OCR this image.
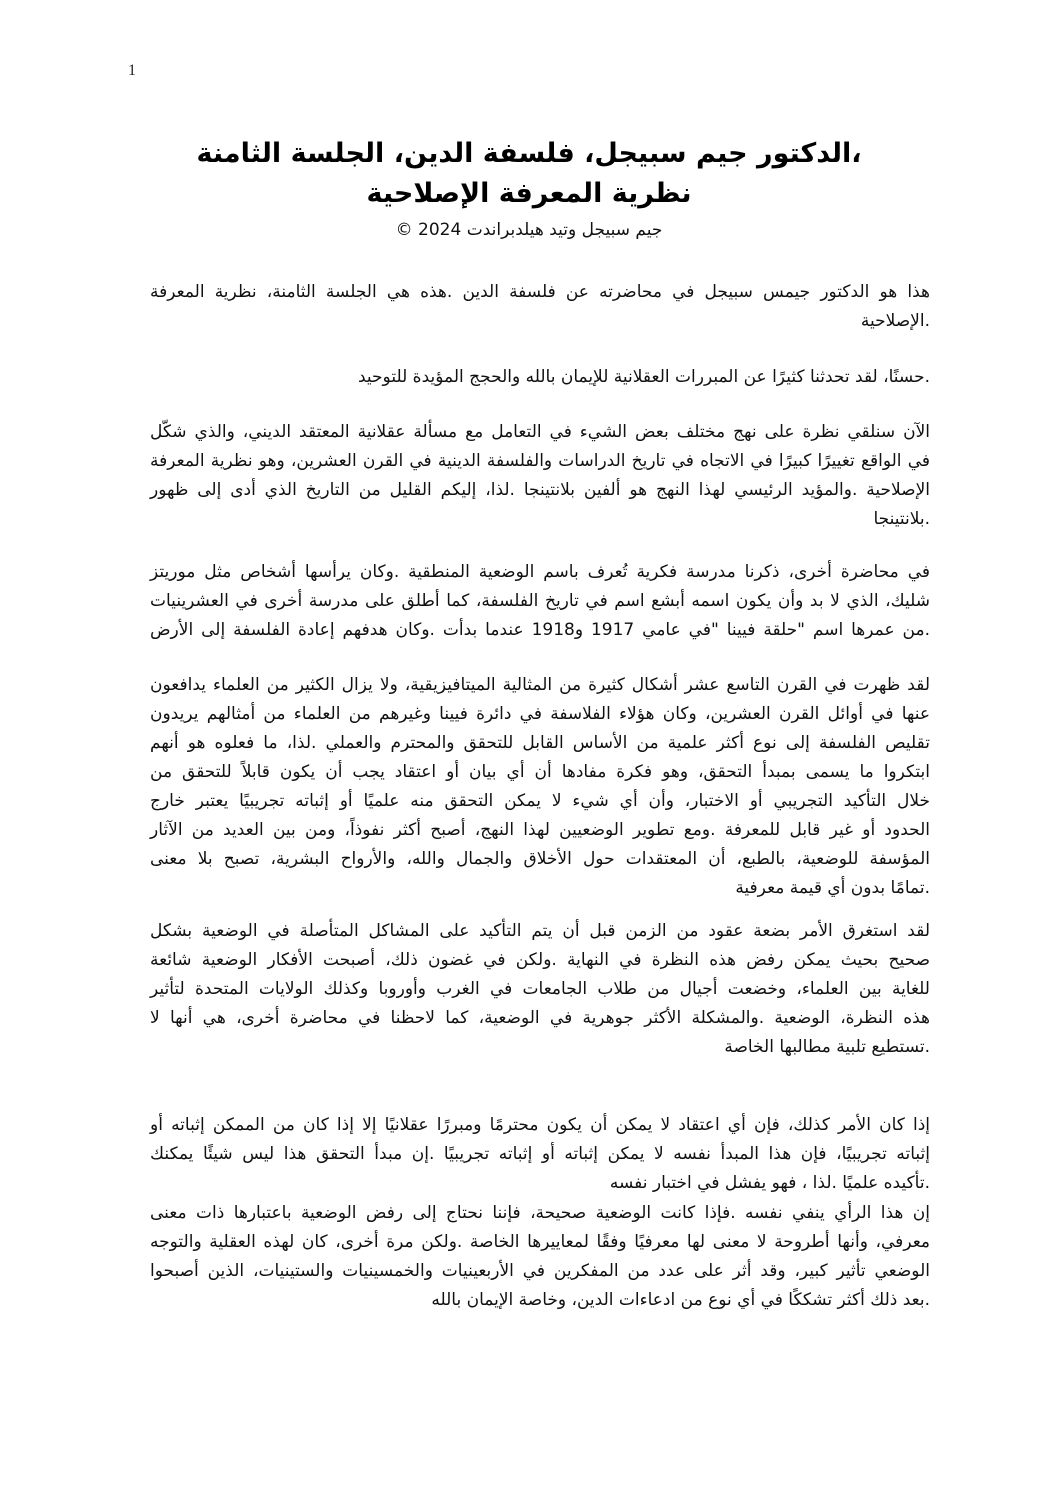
1
،الدكتور جيم سبيجل، فلسفة الدين، الجلسة الثامنة
نظرية المعرفة الإصلاحية
جيم سبيجل وتيد هيلدبراندت 2024 ©
هذا هو الدكتور جيمس سبيجل في محاضرته عن فلسفة الدين .هذه هي الجلسة الثامنة، نظرية المعرفة
.الإصلاحية
.حسنًا، لقد تحدثنا كثيرًا عن المبررات العقلانية للإيمان بالله والحجج المؤيدة للتوحيد
الآن سنلقي نظرة على نهج مختلف بعض الشيء في التعامل مع مسألة عقلانية المعتقد الديني، والذي شكّل
في الواقع تغييرًا كبيرًا في الاتجاه في تاريخ الدراسات والفلسفة الدينية في القرن العشرين، وهو نظرية المعرفة
الإصلاحية .والمؤيد الرئيسي لهذا النهج هو ألفين بلانتينجا .لذا، إليكم القليل من التاريخ الذي أدى إلى ظهور
.بلانتينجا
في محاضرة أخرى، ذكرنا مدرسة فكرية تُعرف باسم الوضعية المنطقية .وكان يرأسها أشخاص مثل موريتز
شليك، الذي لا بد وأن يكون اسمه أبشع اسم في تاريخ الفلسفة، كما أطلق على مدرسة أخرى في العشرينيات
.من عمرها اسم "حلقة فيينا "في عامي 1917 و1918 عندما بدأت .وكان هدفهم إعادة الفلسفة إلى الأرض
لقد ظهرت في القرن التاسع عشر أشكال كثيرة من المثالية الميتافيزيقية، ولا يزال الكثير من العلماء يدافعون
عنها في أوائل القرن العشرين، وكان هؤلاء الفلاسفة في دائرة فيينا وغيرهم من العلماء من أمثالهم يريدون
تقليص الفلسفة إلى نوع أكثر علمية من الأساس القابل للتحقق والمحترم والعملي .لذا، ما فعلوه هو أنهم
ابتكروا ما يسمى بمبدأ التحقق، وهو فكرة مفادها أن أي بيان أو اعتقاد يجب أن يكون قابلاً للتحقق من
خلال التأكيد التجريبي أو الاختبار، وأن أي شيء لا يمكن التحقق منه علميًا أو إثباته تجريبيًا يعتبر خارج
الحدود أو غير قابل للمعرفة .ومع تطوير الوضعيين لهذا النهج، أصبح أكثر نفوذاً، ومن بين العديد من الآثار
المؤسفة للوضعية، بالطبع، أن المعتقدات حول الأخلاق والجمال والله، والأرواح البشرية، تصبح بلا معنى
.تمامًا بدون أي قيمة معرفية
لقد استغرق الأمر بضعة عقود من الزمن قبل أن يتم التأكيد على المشاكل المتأصلة في الوضعية بشكل
صحيح بحيث يمكن رفض هذه النظرة في النهاية .ولكن في غضون ذلك، أصبحت الأفكار الوضعية شائعة
للغاية بين العلماء، وخضعت أجيال من طلاب الجامعات في الغرب وأوروبا وكذلك الولايات المتحدة لتأثير
هذه النظرة، الوضعية .والمشكلة الأكثر جوهرية في الوضعية، كما لاحظنا في محاضرة أخرى، هي أنها لا
.تستطيع تلبية مطالبها الخاصة
إذا كان الأمر كذلك، فإن أي اعتقاد لا يمكن أن يكون محترمًا ومبررًا عقلانيًا إلا إذا كان من الممكن إثباته أو
إثباته تجريبيًا، فإن هذا المبدأ نفسه لا يمكن إثباته أو إثباته تجريبيًا .إن مبدأ التحقق هذا ليس شيئًا يمكنك
.تأكيده علميًا .لذا ، فهو يفشل في اختبار نفسه
إن هذا الرأي ينفي نفسه .فإذا كانت الوضعية صحيحة، فإننا نحتاج إلى رفض الوضعية باعتبارها ذات معنى
معرفي، وأنها أطروحة لا معنى لها معرفيًا وفقًا لمعاييرها الخاصة .ولكن مرة أخرى، كان لهذه العقلية والتوجه
الوضعي تأثير كبير، وقد أثر على عدد من المفكرين في الأربعينيات والخمسينيات والستينيات، الذين أصبحوا
.بعد ذلك أكثر تشككًا في أي نوع من ادعاءات الدين، وخاصة الإيمان بالله
